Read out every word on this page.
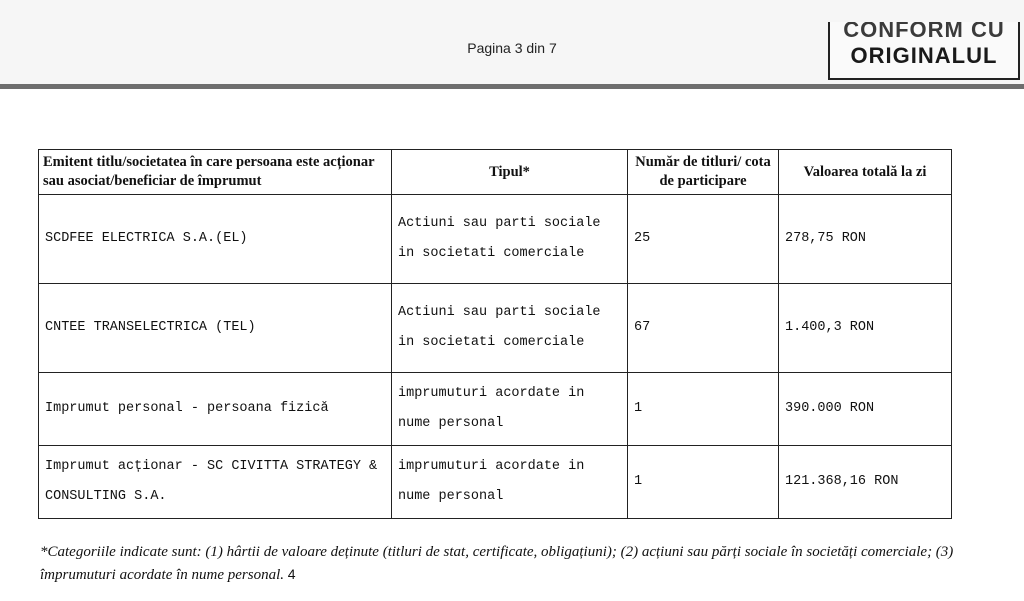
Pagina 3 din 7
CONFORM CU
ORIGINALUL
Emitent titlu/societatea în care persoana este acționar sau asociat/beneficiar de împrumut	Tipul*	Număr de titluri/ cota de participare	Valoarea totală la zi
SCDFEE ELECTRICA S.A.(EL)	Actiuni sau parti sociale in societati comerciale	25	278,75 RON
CNTEE TRANSELECTRICA (TEL)	Actiuni sau parti sociale in societati comerciale	67	1.400,3 RON
Imprumut personal - persoana fizică	imprumuturi acordate in nume personal	1	390.000 RON
Imprumut acționar - SC CIVITTA STRATEGY & CONSULTING S.A.	imprumuturi acordate in nume personal	1	121.368,16 RON
*Categoriile indicate sunt: (1) hârtii de valoare deținute (titluri de stat, certificate, obligațiuni); (2) acțiuni sau părți sociale în societăți comerciale; (3) împrumuturi acordate în nume personal. 4
